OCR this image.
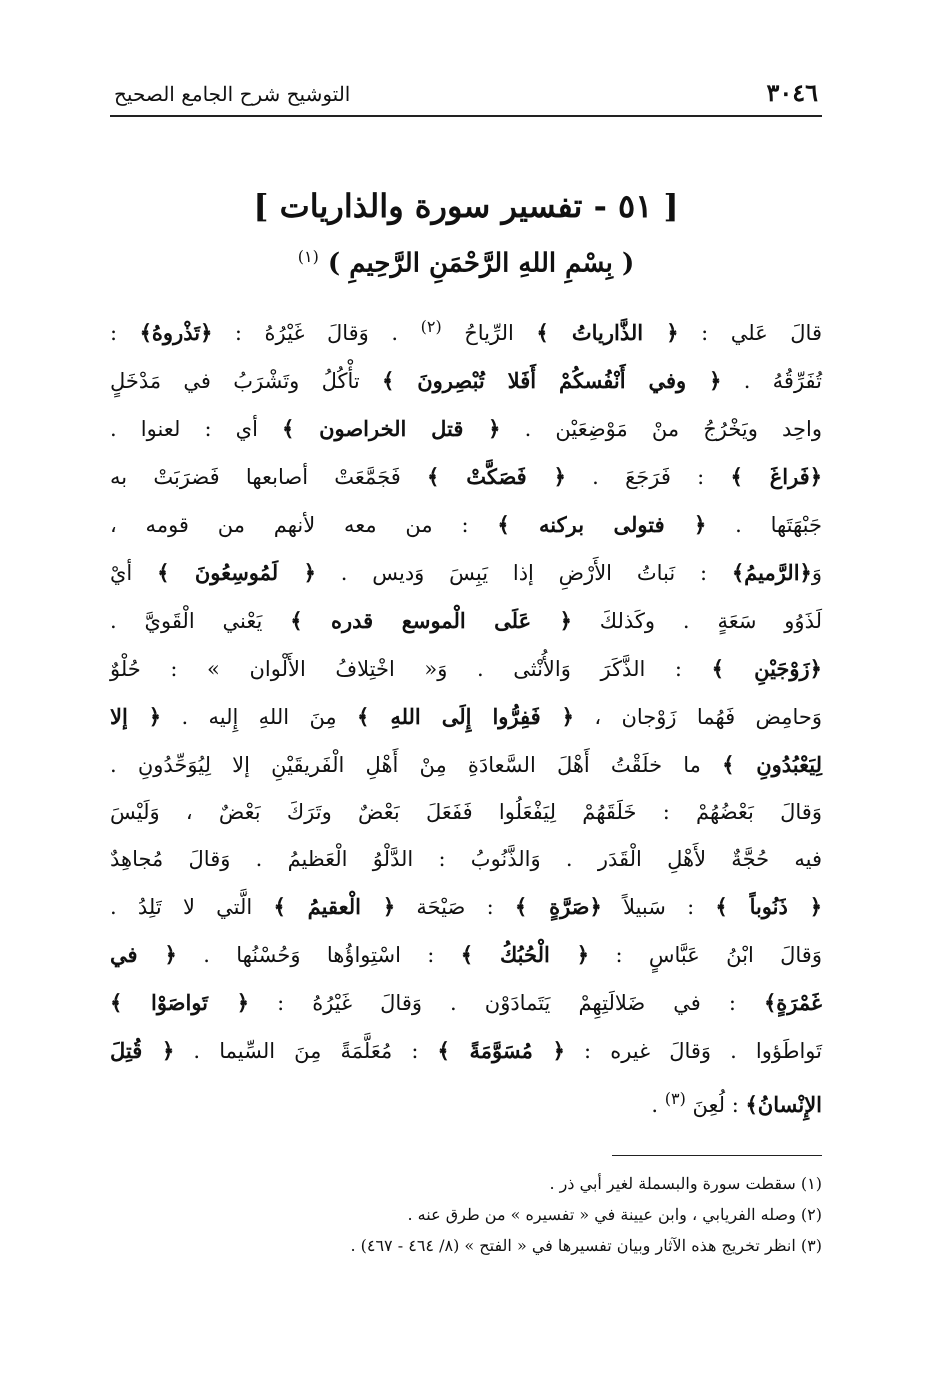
٣٠٤٦
التوشيح شرح الجامع الصحيح
[ ٥١ - تفسير سورة والذاريات ]
( بِسْمِ اللهِ الرَّحْمَنِ الرَّحِيمِ ) $^{(١)}$
قالَ عَلي : ﴿ الذَّارياتُ ﴾ الرِّياحُ $^{(٢)}$ . وَقالَ غَيْرُهُ : ﴿تَذْروهُ﴾ :
تُفَرِّقُهُ . ﴿ وفي أَنْفُسكُمْ أَفَلا تُبْصِرونَ ﴾ تأْكُلُ وتَشْرَبُ في مَدْخَلٍ
واحِد ويَخْرُجُ منْ مَوْضِعَيْن . ﴿ قتل الخراصون ﴾ أي : لعنوا .
﴿فَراغَ ﴾ : فَرَجَعَ . ﴿ فَصَكَّتْ ﴾ فَجَمَّعَتْ أصابعها فَضرَبَتْ به
جَبْهَتَها . ﴿ فتولى بركنه ﴾ : من معه لأنهم من قومه ،
وَ﴿الرَّميمُ﴾ : نَباتُ الأَرْضِ إذا يَبِسَ وَديس . ﴿ لَمُوسِعُونَ ﴾ أيْ
لَذَوُو سَعَةٍ . وكَذلكَ ﴿ عَلَى الْموسع قدره ﴾ يَعْني الْقَويَّ .
﴿زَوْجَيْنِ ﴾ : الذَّكَرَ وَالأُنْثى . وَ« اخْتِلافُ الأَلْوان » : حُلْوٌ
وَحامِض فَهُما زَوْجان ، ﴿ فَفِرُّوا إِلَى اللهِ ﴾ مِنَ اللهِ إِليه . ﴿ إلا
لِيَعْبُدُونِ ﴾ ما خلَقْتُ أَهْلَ السَّعادَةِ مِنْ أَهْلِ الْفَريقَيْنِ إلا لِيُوَحِّدُونِ .
وَقالَ بَعْضُهُمْ : خَلَقَهُمْ لِيَفْعَلُوا فَفَعَلَ بَعْضٌ وتَرَكَ بَعْضٌ ، وَلَيْسَ
فيه حُجَّةٌ لأَهْلِ الْقَدَر . وَالذَّنُوبُ : الدَّلْوُ الْعَظيمُ . وَقالَ مُجاهِدٌ
﴿ ذَنُوباً ﴾ : سَبيلاً ﴿صَرَّةٍ ﴾ : صَيْحَة ﴿ الْعقيمُ ﴾ الَّتي لا تَلِدُ .
وَقالَ ابْنُ عَبَّاسٍ : ﴿ الْحُبُكُ ﴾ : اسْتِواؤُها وَحُسْنُها . ﴿ في
غَمْرَةٍ﴾ : في ضَلالَتِهِمْ يَتَمادَوْن . وَقالَ غَيْرُهُ : ﴿ تَواصَوْا ﴾
تَواطَؤوا . وَقالَ غيره : ﴿ مُسَوَّمَةً ﴾ : مُعَلَّمَةً مِنَ السِّيما . ﴿ قُتِلَ
الإِنْسانُ﴾ : لُعِنَ $^{(٣)}$ .
(١) سقطت سورة والبسملة لغير أبي ذر .
(٢) وصله الفريابي ، وابن عيينة في « تفسيره » من طرق عنه .
(٣) انظر تخريج هذه الآثار وبيان تفسيرها في « الفتح » (٨/ ٤٦٤ - ٤٦٧) .
